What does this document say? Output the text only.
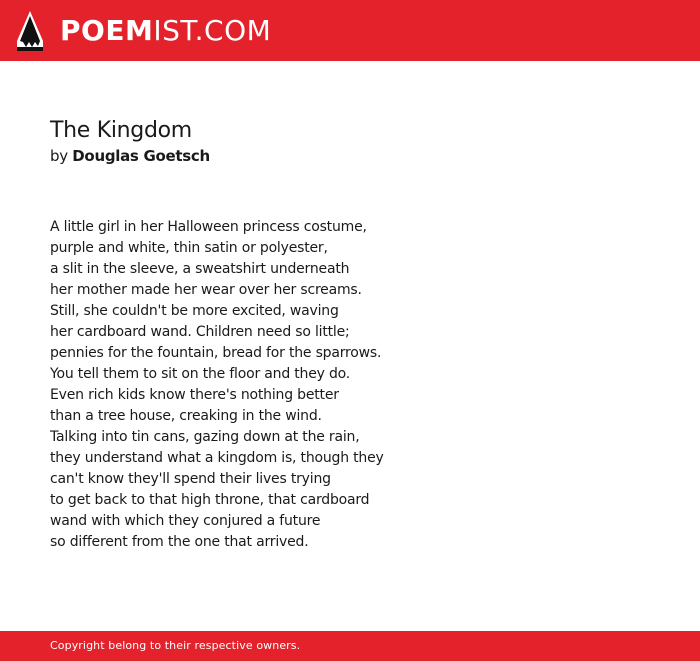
POEMIST.COM
The Kingdom
by Douglas Goetsch
A little girl in her Halloween princess costume,
purple and white, thin satin or polyester,
a slit in the sleeve, a sweatshirt underneath
her mother made her wear over her screams.
Still, she couldn't be more excited, waving
her cardboard wand. Children need so little;
pennies for the fountain, bread for the sparrows.
You tell them to sit on the floor and they do.
Even rich kids know there's nothing better
than a tree house, creaking in the wind.
Talking into tin cans, gazing down at the rain,
they understand what a kingdom is, though they
can't know they'll spend their lives trying
to get back to that high throne, that cardboard
wand with which they conjured a future
so different from the one that arrived.
Copyright belong to their respective owners.
